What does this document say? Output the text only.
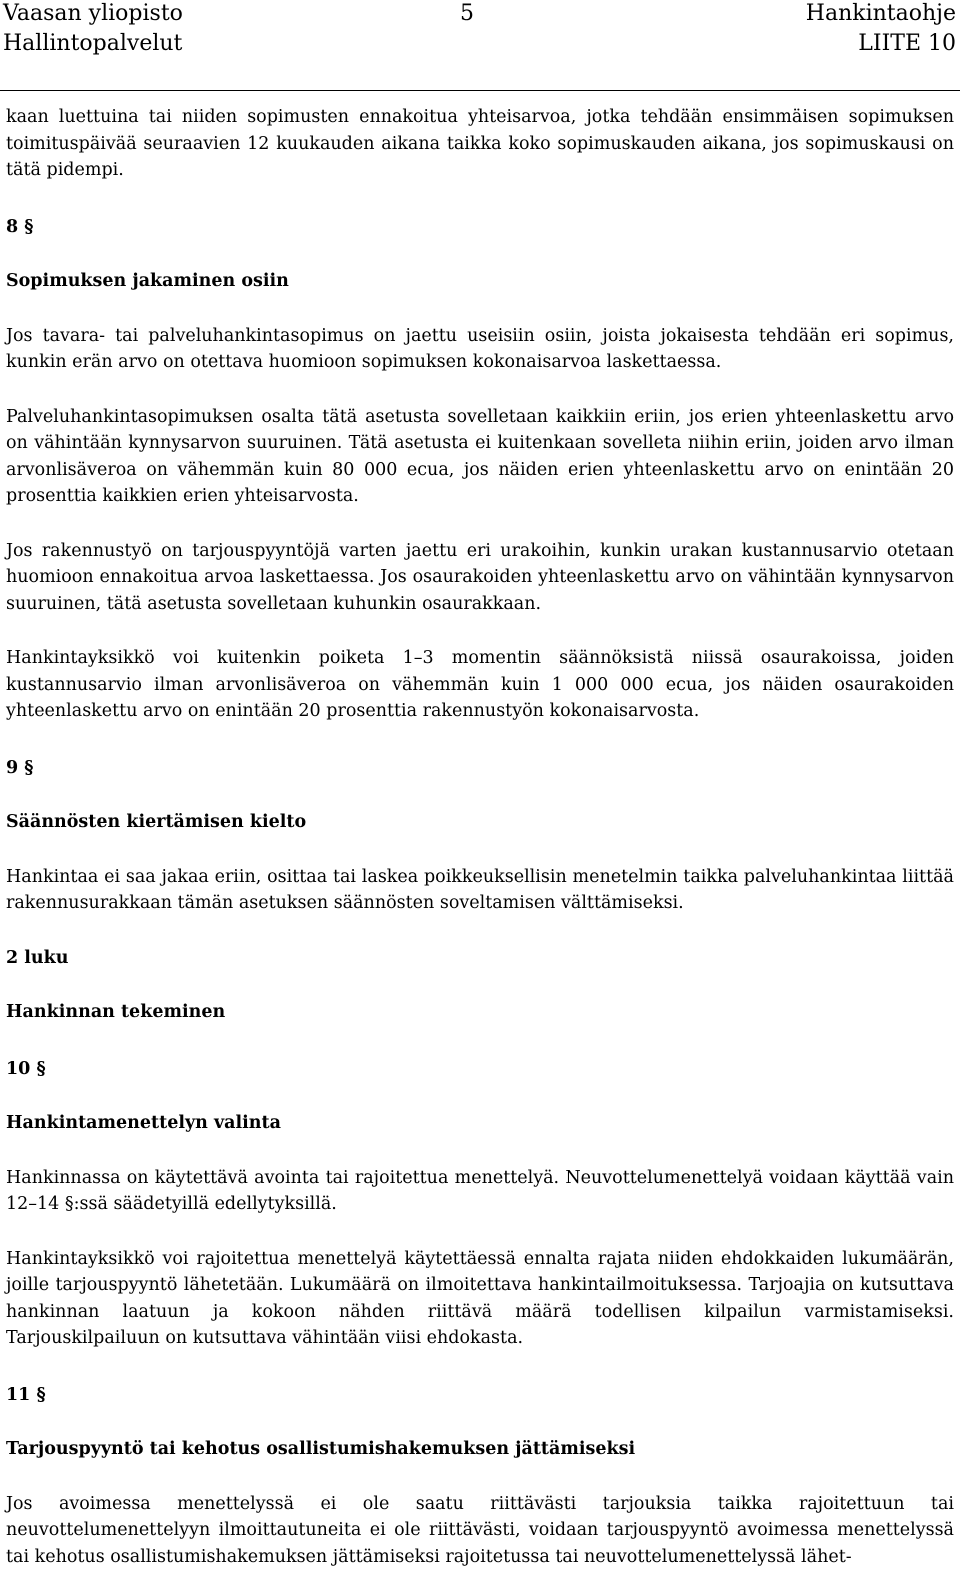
Vaasan yliopisto
Hallintopalvelut
5	Hankintaohje
LIITE 10

kaan luettuina tai niiden sopimusten ennakoitua yhteisarvoa, jotka tehdään ensimmäisen sopimuksen toimituspäivää seuraavien 12 kuukauden aikana taikka koko sopimuskauden aikana, jos sopimuskausi on tätä pidempi.

8 §

Sopimuksen jakaminen osiin

Jos tavara- tai palveluhankintasopimus on jaettu useisiin osiin, joista jokaisesta tehdään eri sopimus, kunkin erän arvo on otettava huomioon sopimuksen kokonaisarvoa laskettaessa.

Palveluhankintasopimuksen osalta tätä asetusta sovelletaan kaikkiin eriin, jos erien yhteenlaskettu arvo on vähintään kynnysarvon suuruinen. Tätä asetusta ei kuitenkaan sovelleta niihin eriin, joiden arvo ilman arvonlisäveroa on vähemmän kuin 80 000 ecua, jos näiden erien yhteenlaskettu arvo on enintään 20 prosenttia kaikkien erien yhteisarvosta.

Jos rakennustyö on tarjouspyyntöjä varten jaettu eri urakoihin, kunkin urakan kustannusarvio otetaan huomioon ennakoitua arvoa laskettaessa. Jos osaurakoiden yhteenlaskettu arvo on vähintään kynnysarvon suuruinen, tätä asetusta sovelletaan kuhunkin osaurakkaan.

Hankintayksikkö voi kuitenkin poiketa 1–3 momentin säännöksistä niissä osaurakoissa, joiden kustannusarvio ilman arvonlisäveroa on vähemmän kuin 1 000 000 ecua, jos näiden osaurakoiden yhteenlaskettu arvo on enintään 20 prosenttia rakennustyön kokonaisarvosta.

9 §

Säännösten kiertämisen kielto

Hankintaa ei saa jakaa eriin, osittaa tai laskea poikkeuksellisin menetelmin taikka palveluhankintaa liittää rakennusurakkaan tämän asetuksen säännösten soveltamisen välttämiseksi.

2 luku

Hankinnan tekeminen

10 §

Hankintamenettelyn valinta

Hankinnassa on käytettävä avointa tai rajoitettua menettelyä. Neuvottelumenettelyä voidaan käyttää vain 12–14 §:ssä säädetyillä edellytyksillä.

Hankintayksikkö voi rajoitettua menettelyä käytettäessä ennalta rajata niiden ehdokkaiden lukumäärän, joille tarjouspyyntö lähetetään. Lukumäärä on ilmoitettava hankintailmoituksessa. Tarjoajia on kutsuttava hankinnan laatuun ja kokoon nähden riittävä määrä todellisen kilpailun varmistamiseksi. Tarjouskilpailuun on kutsuttava vähintään viisi ehdokasta.

11 §

Tarjouspyyntö tai kehotus osallistumishakemuksen jättämiseksi

Jos avoimessa menettelyssä ei ole saatu riittävästi tarjouksia taikka rajoitettuun tai neuvottelumenettelyyn ilmoittautuneita ei ole riittävästi, voidaan tarjouspyyntö avoimessa menettelyssä tai kehotus osallistumishakemuksen jättämiseksi rajoitetussa tai neuvottelumenettelyssä lähet-
